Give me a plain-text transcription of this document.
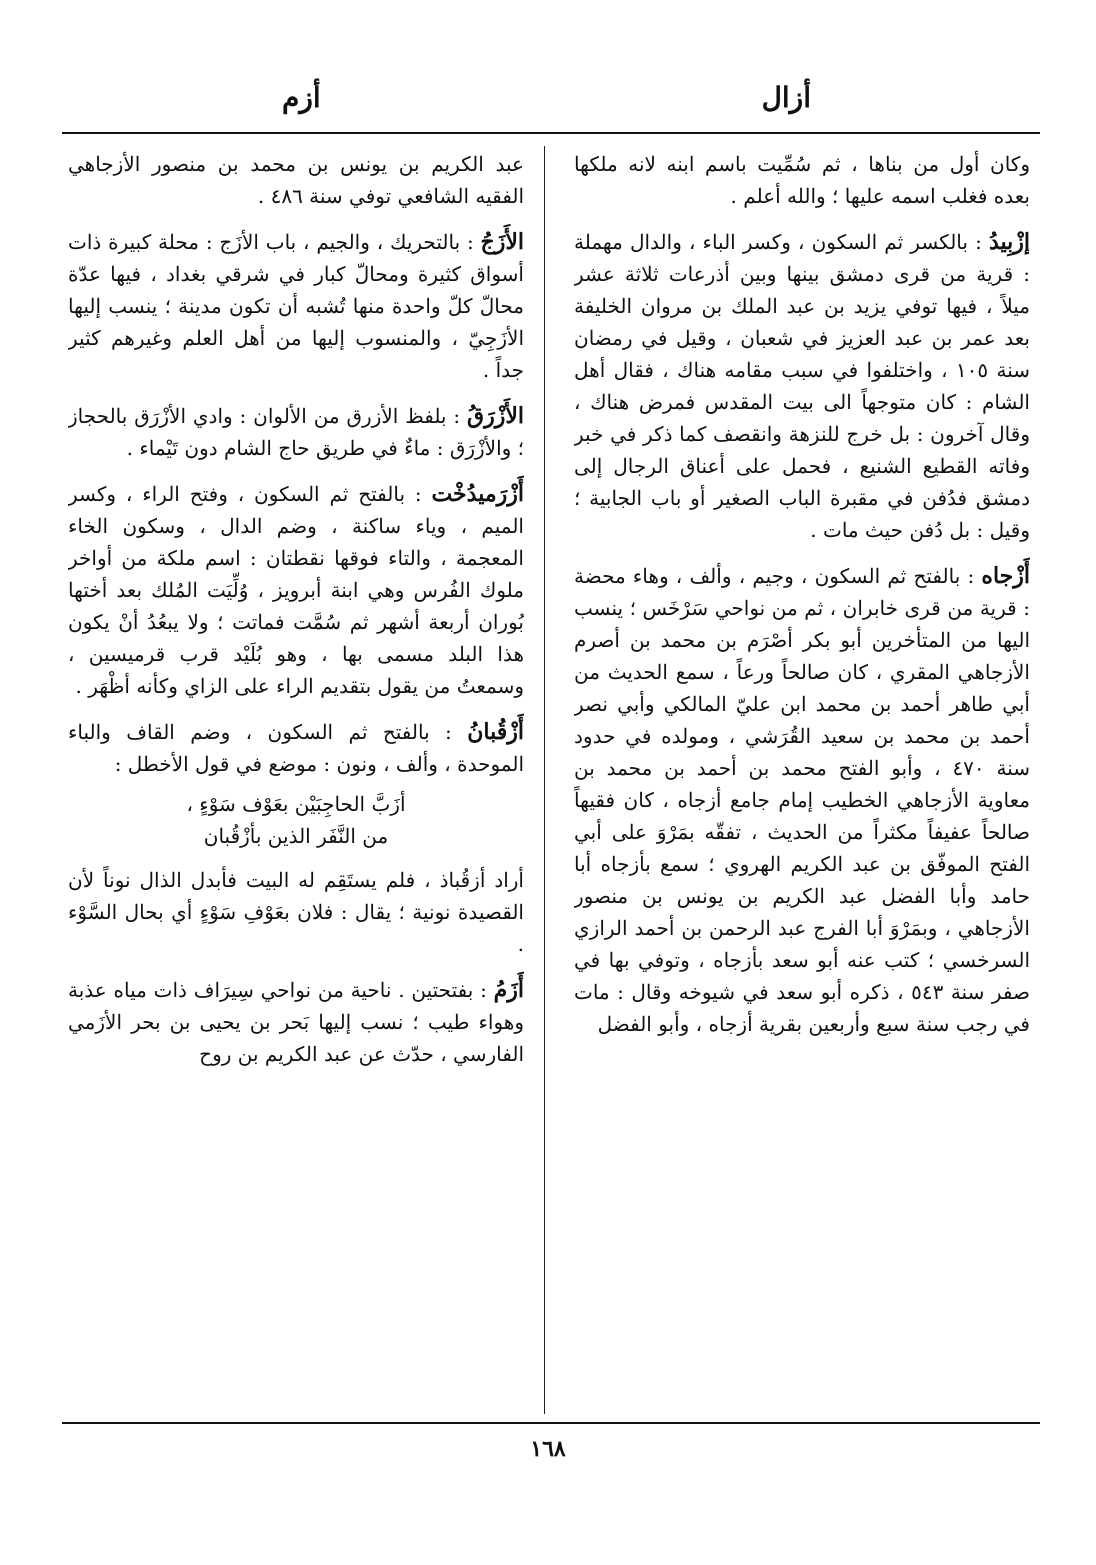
أزال
أزم

وكان أول من بناها ، ثم سُمِّيت باسم ابنه لانه ملكها بعده فغلب اسمه عليها ؛ والله أعلم .

إزْبِيدُ : بالكسر ثم السكون ، وكسر الباء ، والدال مهملة : قرية من قرى دمشق بينها وبين أذرعات ثلاثة عشر ميلاً ، فيها توفي يزيد بن عبد الملك بن مروان الخليفة بعد عمر بن عبد العزيز في شعبان ، وقيل في رمضان سنة ١٠٥ ، واختلفوا في سبب مقامه هناك ، فقال أهل الشام : كان متوجهاً الى بيت المقدس فمرض هناك ، وقال آخرون : بل خرج للنزهة وانقصف كما ذكر في خبر وفاته القطيع الشنيع ، فحمل على أعناق الرجال إلى دمشق فدُفن في مقبرة الباب الصغير أو باب الجابية ؛ وقيل : بل دُفن حيث مات .

أَزْجاه : بالفتح ثم السكون ، وجيم ، وألف ، وهاء محضة : قرية من قرى خابران ، ثم من نواحي سَرْخَس ؛ ينسب اليها من المتأخرين أبو بكر أصْرَم بن محمد بن أصرم الأزجاهي المقري ، كان صالحاً ورعاً ، سمع الحديث من أبي طاهر أحمد بن محمد ابن عليّ المالكي وأبي نصر أحمد بن محمد بن سعيد القُرَشي ، ومولده في حدود سنة ٤٧٠ ، وأبو الفتح محمد بن أحمد بن محمد بن معاوية الأزجاهي الخطيب إمام جامع أزجاه ، كان فقيهاً صالحاً عفيفاً مكثراً من الحديث ، تفقّه بمَرْوَ على أبي الفتح الموفّق بن عبد الكريم الهروي ؛ سمع بأزجاه أبا حامد وأبا الفضل عبد الكريم بن يونس بن منصور الأزجاهي ، وبمَرْوَ أبا الفرج عبد الرحمن بن أحمد الرازي السرخسي ؛ كتب عنه أبو سعد بأزجاه ، وتوفي بها في صفر سنة ٥٤٣ ، ذكره أبو سعد في شيوخه وقال : مات في رجب سنة سبع وأربعين بقرية أزجاه ، وأبو الفضل

عبد الكريم بن يونس بن محمد بن منصور الأزجاهي الفقيه الشافعي توفي سنة ٤٨٦ .

الأَزَجُ : بالتحريك ، والجيم ، باب الأزَج : محلة كبيرة ذات أسواق كثيرة ومحالّ كبار في شرقي بغداد ، فيها عدّة محالّ كلّ واحدة منها تُشبه أن تكون مدينة ؛ ينسب إليها الأزَجِيّ ، والمنسوب إليها من أهل العلم وغيرهم كثير جداً .

الأَزْرَقُ : بلفظ الأزرق من الألوان : وادي الأزْرَق بالحجاز ؛ والأزْرَق : ماءٌ في طريق حاج الشام دون تَيْماء .

أَزْرَميدُخْت : بالفتح ثم السكون ، وفتح الراء ، وكسر الميم ، وياء ساكنة ، وضم الدال ، وسكون الخاء المعجمة ، والتاء فوقها نقطتان : اسم ملكة من أواخر ملوك الفُرس وهي ابنة أبرويز ، وُلِّيَت المُلك بعد أختها بُوران أربعة أشهر ثم سُمَّت فماتت ؛ ولا يبعُدُ أنْ يكون هذا البلد مسمى بها ، وهو بُلَيْد قرب قرميسين ، وسمعتُ من يقول بتقديم الراء على الزاي وكأنه أظْهَر .

أَزْقُبانُ : بالفتح ثم السكون ، وضم القاف والباء الموحدة ، وألف ، ونون : موضع في قول الأخطل :

أزَبَّ الحاجِبَيْن بعَوْف سَوْءٍ ،
من النَّفَر الذين بأزْقُبان

أراد أزقُباذ ، فلم يستَقِم له البيت فأبدل الذال نوناً لأن القصيدة نونية ؛ يقال : فلان بعَوْفِ سَوْءٍ أي بحال السَّوْء .

أَزَمُ : بفتحتين . ناحية من نواحي سِيرَاف ذات مياه عذبة وهواء طيب ؛ نسب إليها بَحر بن يحيى بن بحر الأزَمي الفارسي ، حدّث عن عبد الكريم بن روح

١٦٨
